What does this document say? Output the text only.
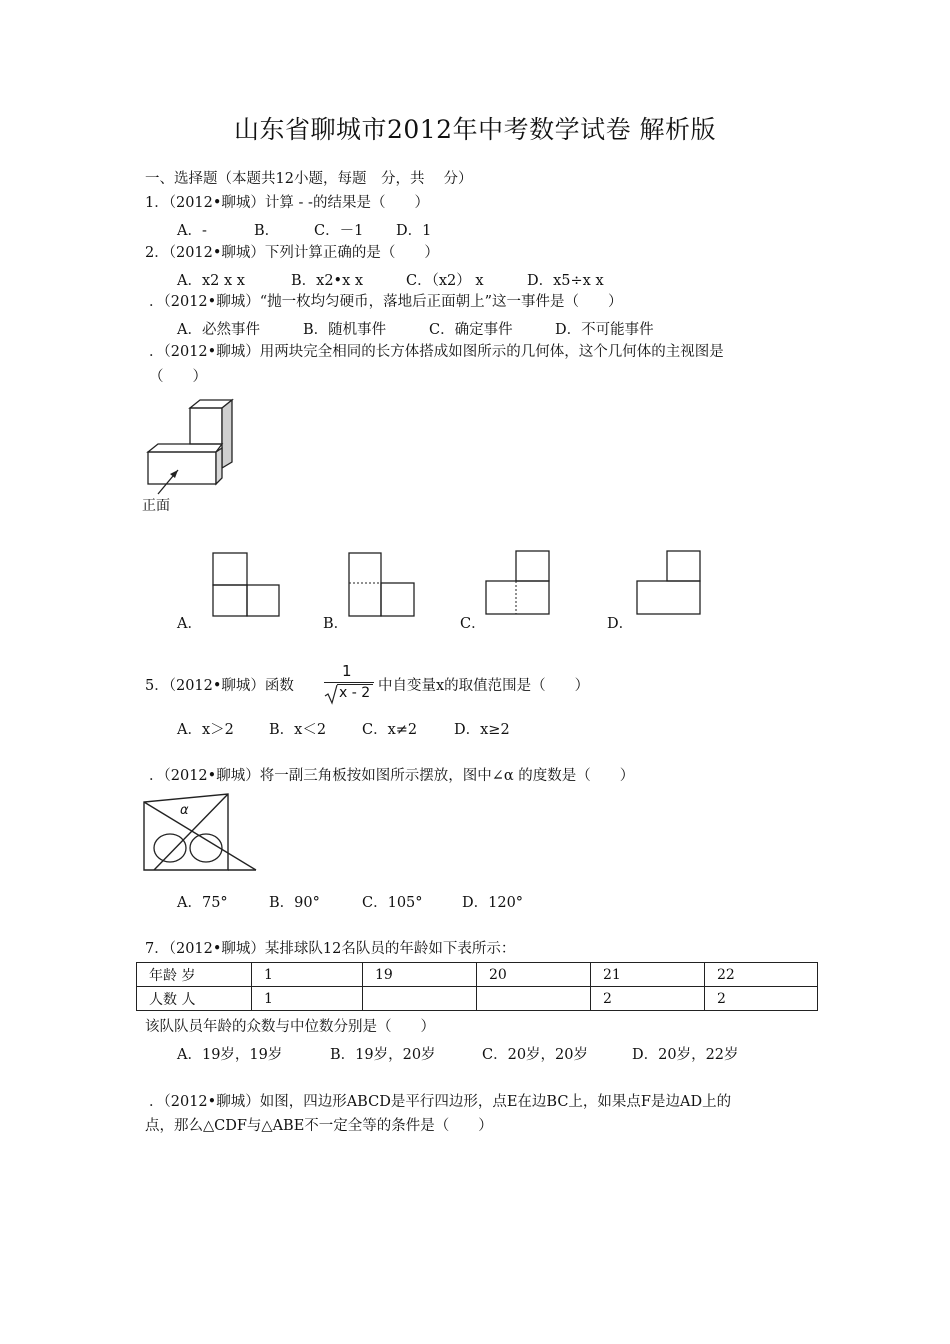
山东省聊城市2012年中考数学试卷 解析版
一、选择题（本题共12小题，每题　分，共　 分）
1．（2012•聊城）计算 - -的结果是（　　）
A．-	B． C．－1 D．1
2．（2012•聊城）下列计算正确的是（　　）
A．x2 x x	B．x2•x x	C．（x2） x	D．x5÷x x
．（2012•聊城）“抛一枚均匀硬币，落地后正面朝上”这一事件是（　　）
A．必然事件	B．随机事件	C．确定事件	D．不可能事件
．（2012•聊城）用两块完全相同的长方体搭成如图所示的几何体，这个几何体的主视图是
（　　）
正面
A．	B．	C．	D．
5．（2012•聊城）函数
1
x - 2 中自变量x的取值范围是（　　）
A．x＞2 B．x＜2 C．x≠2	D．x≥2
．（2012•聊城）将一副三角板按如图所示摆放，图中∠α 的度数是（　　）
α
A．75°	B．90°	C．105°	D．120°
7．（2012•聊城）某排球队12名队员的年龄如下表所示：
年龄 岁	1	19	20	21	22
人数 人	1			2	2
该队队员年龄的众数与中位数分别是（　　）
A．19岁，19岁	B．19岁，20岁	C．20岁，20岁	D．20岁，22岁
．（2012•聊城）如图，四边形ABCD是平行四边形，点E在边BC上，如果点F是边AD上的
点，那么△CDF与△ABE不一定全等的条件是（　　）
